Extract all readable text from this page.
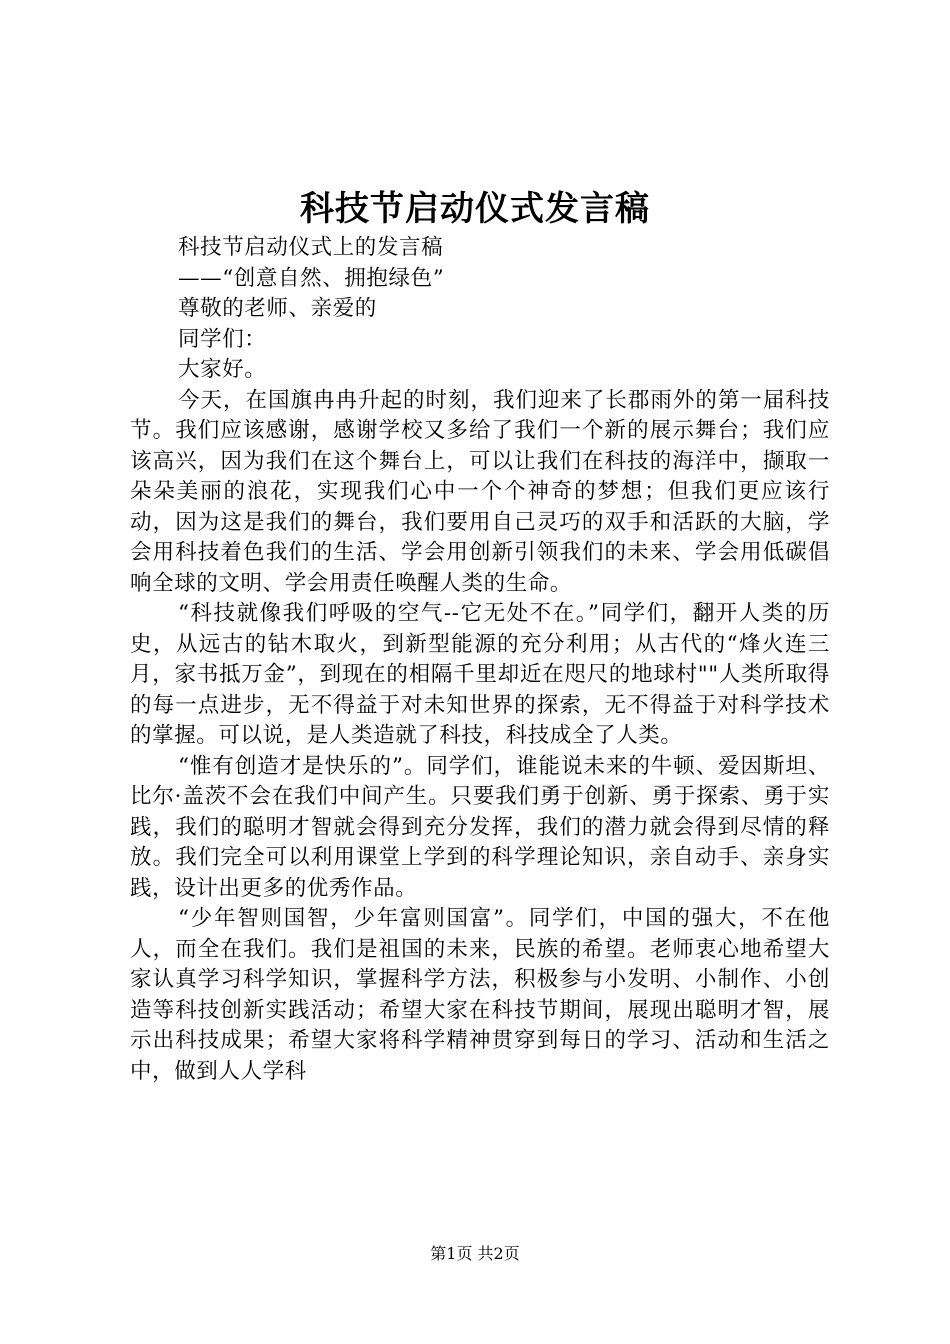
科技节启动仪式发言稿

科技节启动仪式上的发言稿

——“创意自然、拥抱绿色”

尊敬的老师、亲爱的

同学们：

大家好。

今天，在国旗冉冉升起的时刻，我们迎来了长郡雨外的第一届科技节。我们应该感谢，感谢学校又多给了我们一个新的展示舞台；我们应该高兴，因为我们在这个舞台上，可以让我们在科技的海洋中，撷取一朵朵美丽的浪花，实现我们心中一个个神奇的梦想；但我们更应该行动，因为这是我们的舞台，我们要用自己灵巧的双手和活跃的大脑，学会用科技着色我们的生活、学会用创新引领我们的未来、学会用低碳倡响全球的文明、学会用责任唤醒人类的生命。

“科技就像我们呼吸的空气--它无处不在。”同学们，翻开人类的历史，从远古的钻木取火，到新型能源的充分利用；从古代的“烽火连三月，家书抵万金”，到现在的相隔千里却近在咫尺的地球村""人类所取得的每一点进步，无不得益于对未知世界的探索，无不得益于对科学技术的掌握。可以说，是人类造就了科技，科技成全了人类。

“惟有创造才是快乐的”。同学们，谁能说未来的牛顿、爱因斯坦、比尔·盖茨不会在我们中间产生。只要我们勇于创新、勇于探索、勇于实践，我们的聪明才智就会得到充分发挥，我们的潜力就会得到尽情的释放。我们完全可以利用课堂上学到的科学理论知识，亲自动手、亲身实践，设计出更多的优秀作品。

“少年智则国智，少年富则国富”。同学们，中国的强大，不在他人，而全在我们。我们是祖国的未来，民族的希望。老师衷心地希望大家认真学习科学知识，掌握科学方法，积极参与小发明、小制作、小创造等科技创新实践活动；希望大家在科技节期间，展现出聪明才智，展示出科技成果；希望大家将科学精神贯穿到每日的学习、活动和生活之中，做到人人学科

第1页 共2页
